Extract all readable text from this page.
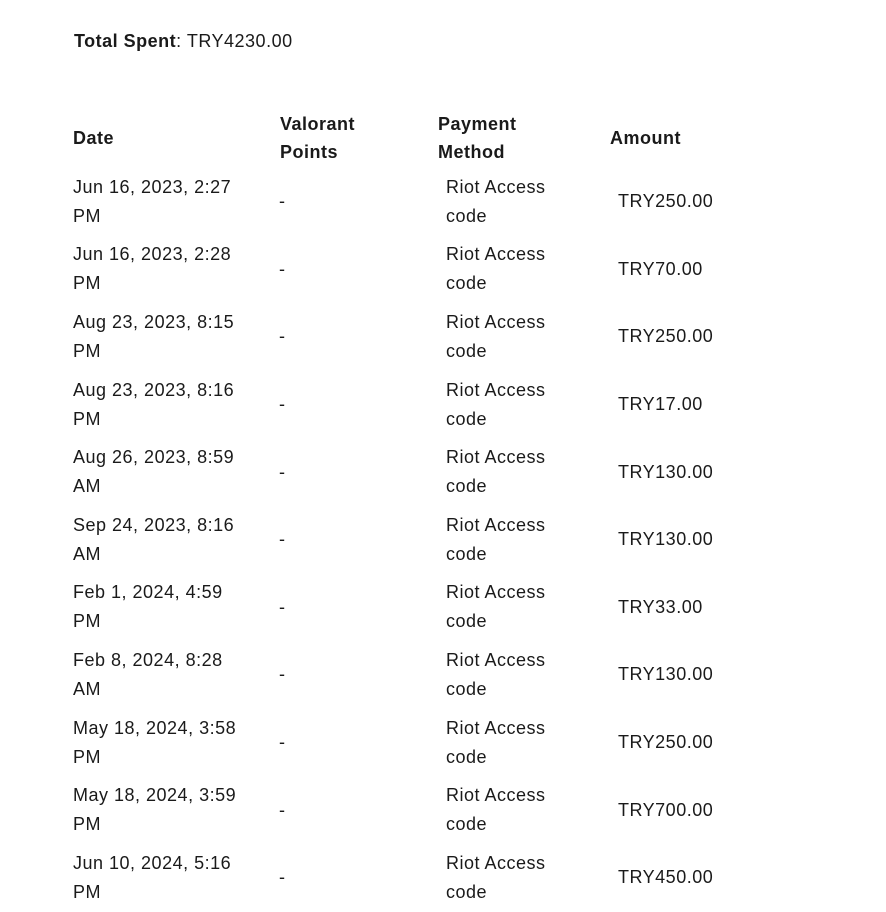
Total Spent: TRY4230.00
Date	Valorant Points	Payment Method	Amount
Jun 16, 2023, 2:27 PM	-	Riot Access code	TRY250.00
Jun 16, 2023, 2:28 PM	-	Riot Access code	TRY70.00
Aug 23, 2023, 8:15 PM	-	Riot Access code	TRY250.00
Aug 23, 2023, 8:16 PM	-	Riot Access code	TRY17.00
Aug 26, 2023, 8:59 AM	-	Riot Access code	TRY130.00
Sep 24, 2023, 8:16 AM	-	Riot Access code	TRY130.00
Feb 1, 2024, 4:59 PM	-	Riot Access code	TRY33.00
Feb 8, 2024, 8:28 AM	-	Riot Access code	TRY130.00
May 18, 2024, 3:58 PM	-	Riot Access code	TRY250.00
May 18, 2024, 3:59 PM	-	Riot Access code	TRY700.00
Jun 10, 2024, 5:16 PM	-	Riot Access code	TRY450.00
